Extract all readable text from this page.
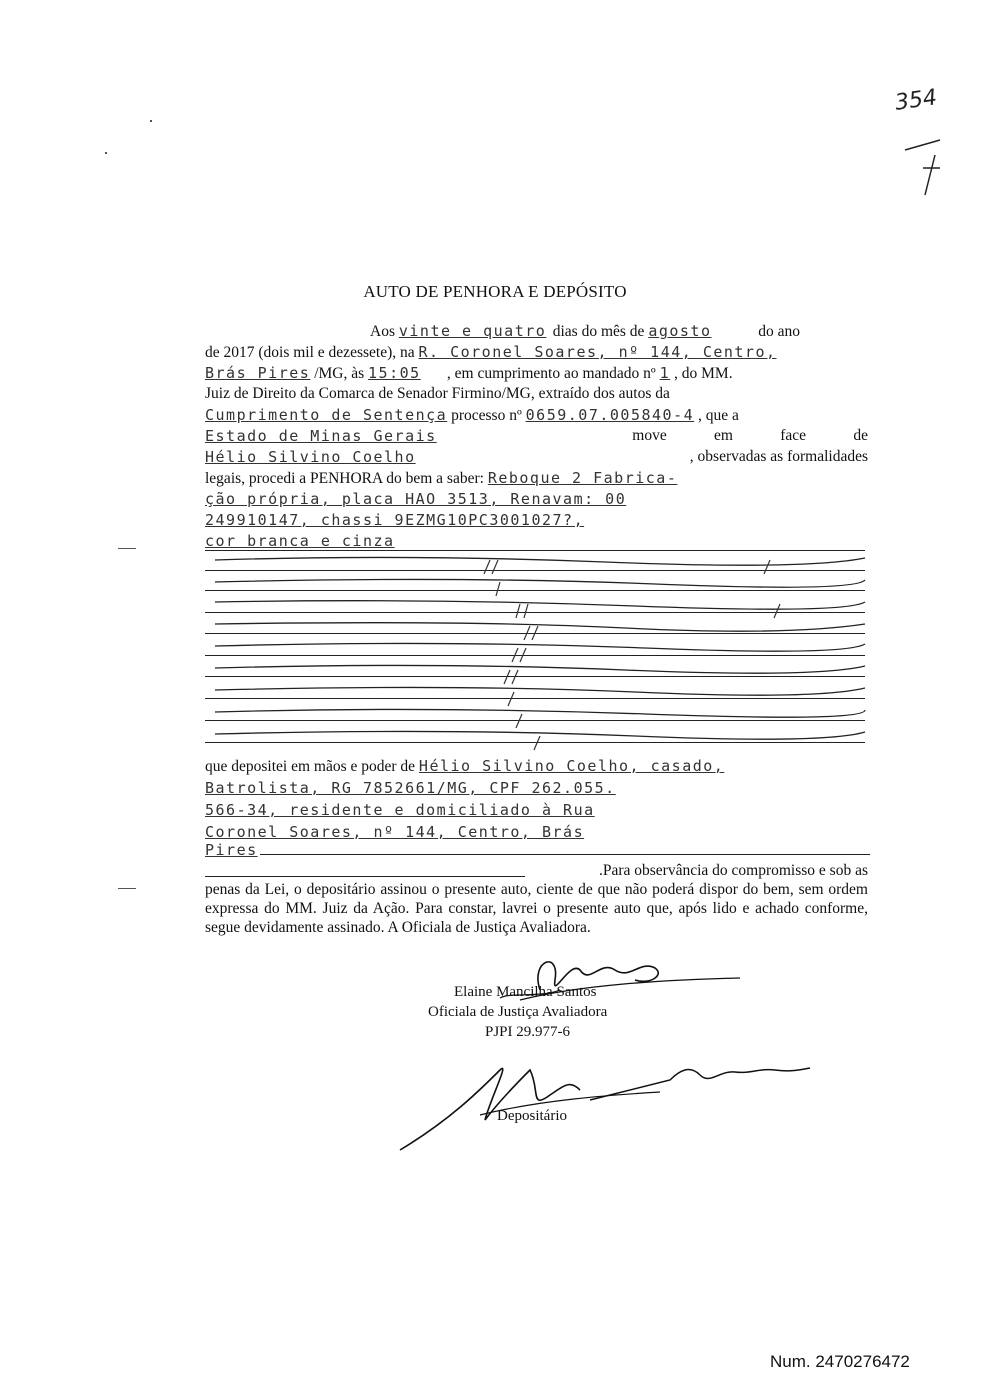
354
AUTO DE PENHORA E DEPÓSITO
Aos vinte e quatro dias do mês de agosto	do ano
de 2017 (dois mil e dezessete), na R. Coronel Soares, nº 144, Centro,
Brás Pires /MG, às 15:05 , em cumprimento ao mandado nº 1 , do MM.
Juiz de Direito da Comarca de Senador Firmino/MG, extraído dos autos da
Cumprimento de Sentença processo nº 0659.07.005840-4 , que a
Estado de Minas Gerais	move	em	face	de
Hélio Silvino Coelho	, observadas as formalidades
legais, procedi a PENHORA do bem a saber: Reboque 2 Fabrica-
ção própria, placa HAO 3513, Renavam: 00
249910147, chassi 9EZMG10PC3001027?,
cor branca e cinza
que depositei em mãos e poder de Hélio Silvino Coelho, casado,
Batrolista, RG 7852661/MG, CPF 262.055.
566-34, residente e domiciliado à Rua
Coronel Soares, nº 144, Centro, Brás
Pires
.Para observância do compromisso e sob as
penas da Lei, o depositário assinou o presente auto, ciente de que não poderá dispor do bem, sem ordem expressa do MM. Juiz da Ação. Para constar, lavrei o presente auto que, após lido e achado conforme, segue devidamente assinado. A Oficiala de Justiça Avaliadora.
Elaine Mancilha Santos
Oficiala de Justiça Avaliadora
PJPI 29.977-6
Depositário
Num. 2470276472
